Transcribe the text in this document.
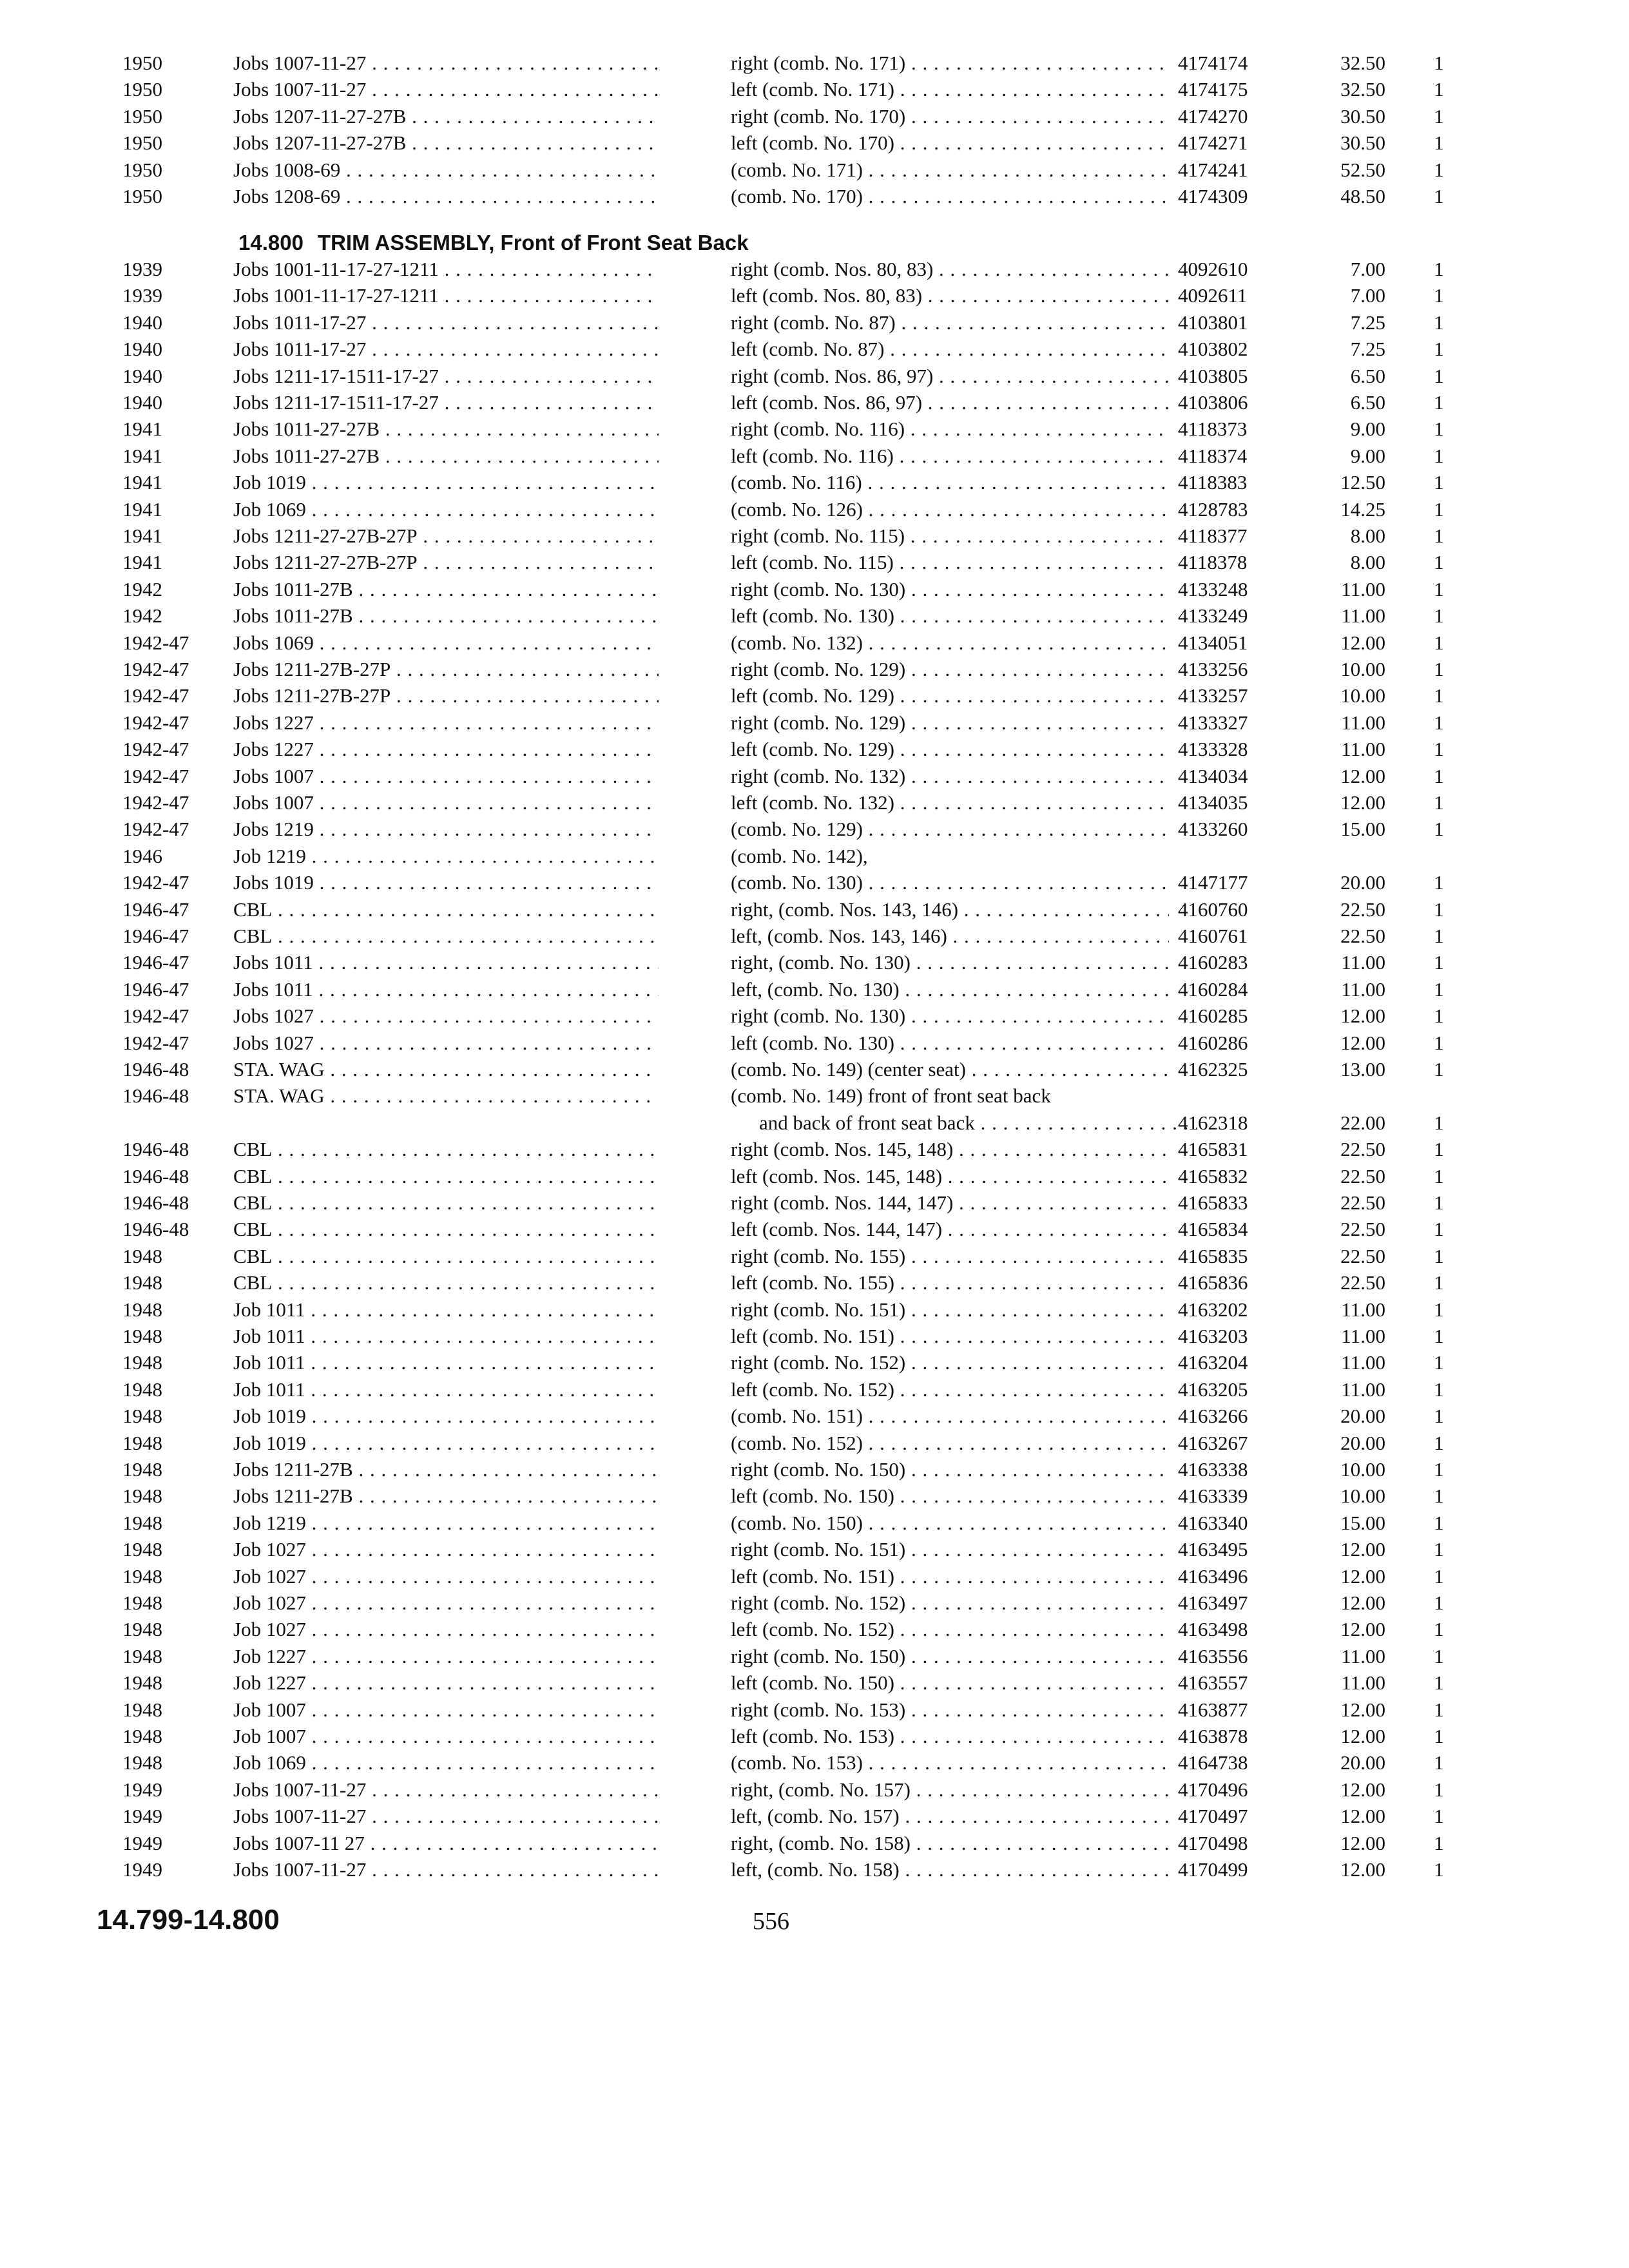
1950	Jobs 1007-11-27 . . .	right (comb. No. 171) . . .	4174174	32.50 1
1950	Jobs 1007-11-27 . . .	left (comb. No. 171) . . .	4174175	32.50 1
1950	Jobs 1207-11-27-27B . . .	right (comb. No. 170) . . .	4174270	30.50 1
1950	Jobs 1207-11-27-27B . . .	left (comb. No. 170) . . .	4174271	30.50 1
1950	Jobs 1008-69 . . .	(comb. No. 171) . . .	4174241	52.50 1
1950	Jobs 1208-69 . . .	(comb. No. 170) . . .	4174309	48.50 1
14.800 TRIM ASSEMBLY, Front of Front Seat Back
1939	Jobs 1001-11-17-27-1211 . . .	right (comb. Nos. 80, 83) . . .	4092610	7.00 1
1939	Jobs 1001-11-17-27-1211 . . .	left (comb. Nos. 80, 83) . . .	4092611	7.00 1
1940	Jobs 1011-17-27 . . .	right (comb. No. 87) . . .	4103801	7.25 1
1940	Jobs 1011-17-27 . . .	left (comb. No. 87) . . .	4103802	7.25 1
1940	Jobs 1211-17-1511-17-27 . . .	right (comb. Nos. 86, 97) . . .	4103805	6.50 1
1940	Jobs 1211-17-1511-17-27 . . .	left (comb. Nos. 86, 97) . . .	4103806	6.50 1
1941	Jobs 1011-27-27B . . .	right (comb. No. 116) . . .	4118373	9.00 1
1941	Jobs 1011-27-27B . . .	left (comb. No. 116) . . .	4118374	9.00 1
1941	Job 1019 . . .	(comb. No. 116) . . .	4118383	12.50 1
1941	Job 1069 . . .	(comb. No. 126) . . .	4128783	14.25 1
1941	Jobs 1211-27-27B-27P . . .	right (comb. No. 115) . . .	4118377	8.00 1
1941	Jobs 1211-27-27B-27P . . .	left (comb. No. 115) . . .	4118378	8.00 1
1942	Jobs 1011-27B . . .	right (comb. No. 130) . . .	4133248	11.00 1
1942	Jobs 1011-27B . . .	left (comb. No. 130) . . .	4133249	11.00 1
1942-47 Jobs 1069 . . .	(comb. No. 132) . . .	4134051	12.00 1
1942-47 Jobs 1211-27B-27P . . .	right (comb. No. 129) . . .	4133256	10.00 1
1942-47 Jobs 1211-27B-27P . . .	left (comb. No. 129) . . .	4133257	10.00 1
1942-47 Jobs 1227 . . .	right (comb. No. 129) . . .	4133327	11.00 1
1942-47 Jobs 1227 . . .	left (comb. No. 129) . . .	4133328	11.00 1
1942-47 Jobs 1007 . . .	right (comb. No. 132) . . .	4134034	12.00 1
1942-47 Jobs 1007 . . .	left (comb. No. 132) . . .	4134035	12.00 1
1942-47 Jobs 1219 . . .	(comb. No. 129) . . .	4133260	15.00 1
1946	Job 1219 . . .	(comb. No. 142),
1942-47 Jobs 1019 . . .	(comb. No. 130) . . .	4147177	20.00 1
1946-47 CBL . . .	right, (comb. Nos. 143, 146) . . .	4160760	22.50 1
1946-47 CBL . . .	left, (comb. Nos. 143, 146) . . .	4160761	22.50 1
1946-47 Jobs 1011 . . .	right, (comb. No. 130) . . .	4160283	11.00 1
1946-47 Jobs 1011 . . .	left, (comb. No. 130) . . .	4160284	11.00 1
1942-47 Jobs 1027 . . .	right (comb. No. 130) . . .	4160285	12.00 1
1942-47 Jobs 1027 . . .	left (comb. No. 130) . . .	4160286	12.00 1
1946-48 STA. WAG . . .	(comb. No. 149) (center seat) . . .	4162325	13.00 1
1946-48 STA. WAG . . .	(comb. No. 149) front of front seat back
and back of front seat back . . .	4162318	22.00 1
1946-48 CBL . . .	right (comb. Nos. 145, 148) . . .	4165831	22.50 1
1946-48 CBL . . .	left (comb. Nos. 145, 148) . . .	4165832	22.50 1
1946-48 CBL . . .	right (comb. Nos. 144, 147) . . .	4165833	22.50 1
1946-48 CBL . . .	left (comb. Nos. 144, 147) . . .	4165834	22.50 1
1948	CBL . . .	right (comb. No. 155) . . .	4165835	22.50 1
1948	CBL . . .	left (comb. No. 155) . . .	4165836	22.50 1
1948	Job 1011 . . .	right (comb. No. 151) . . .	4163202	11.00 1
1948	Job 1011 . . .	left (comb. No. 151) . . .	4163203	11.00 1
1948	Job 1011 . . .	right (comb. No. 152) . . .	4163204	11.00 1
1948	Job 1011 . . .	left (comb. No. 152) . . .	4163205	11.00 1
1948	Job 1019 . . .	(comb. No. 151) . . .	4163266	20.00 1
1948	Job 1019 . . .	(comb. No. 152) . . .	4163267	20.00 1
1948	Jobs 1211-27B . . .	right (comb. No. 150) . . .	4163338	10.00 1
1948	Jobs 1211-27B . . .	left (comb. No. 150) . . .	4163339	10.00 1
1948	Job 1219 . . .	(comb. No. 150) . . .	4163340	15.00 1
1948	Job 1027 . . .	right (comb. No. 151) . . .	4163495	12.00 1
1948	Job 1027 . . .	left (comb. No. 151) . . .	4163496	12.00 1
1948	Job 1027 . . .	right (comb. No. 152) . . .	4163497	12.00 1
1948	Job 1027 . . .	left (comb. No. 152) . . .	4163498	12.00 1
1948	Job 1227 . . .	right (comb. No. 150) . . .	4163556	11.00 1
1948	Job 1227 . . .	left (comb. No. 150) . . .	4163557	11.00 1
1948	Job 1007 . . .	right (comb. No. 153) . . .	4163877	12.00 1
1948	Job 1007 . . .	left (comb. No. 153) . . .	4163878	12.00 1
1948	Job 1069 . . .	(comb. No. 153) . . .	4164738	20.00 1
1949	Jobs 1007-11-27 . . .	right, (comb. No. 157) . . .	4170496	12.00 1
1949	Jobs 1007-11-27 . . .	left, (comb. No. 157) . . .	4170497	12.00 1
1949	Jobs 1007-11 27 . . .	right, (comb. No. 158) . . .	4170498	12.00 1
1949	Jobs 1007-11-27 . . .	left, (comb. No. 158) . . .	4170499	12.00 1
14.799-14.800	556
